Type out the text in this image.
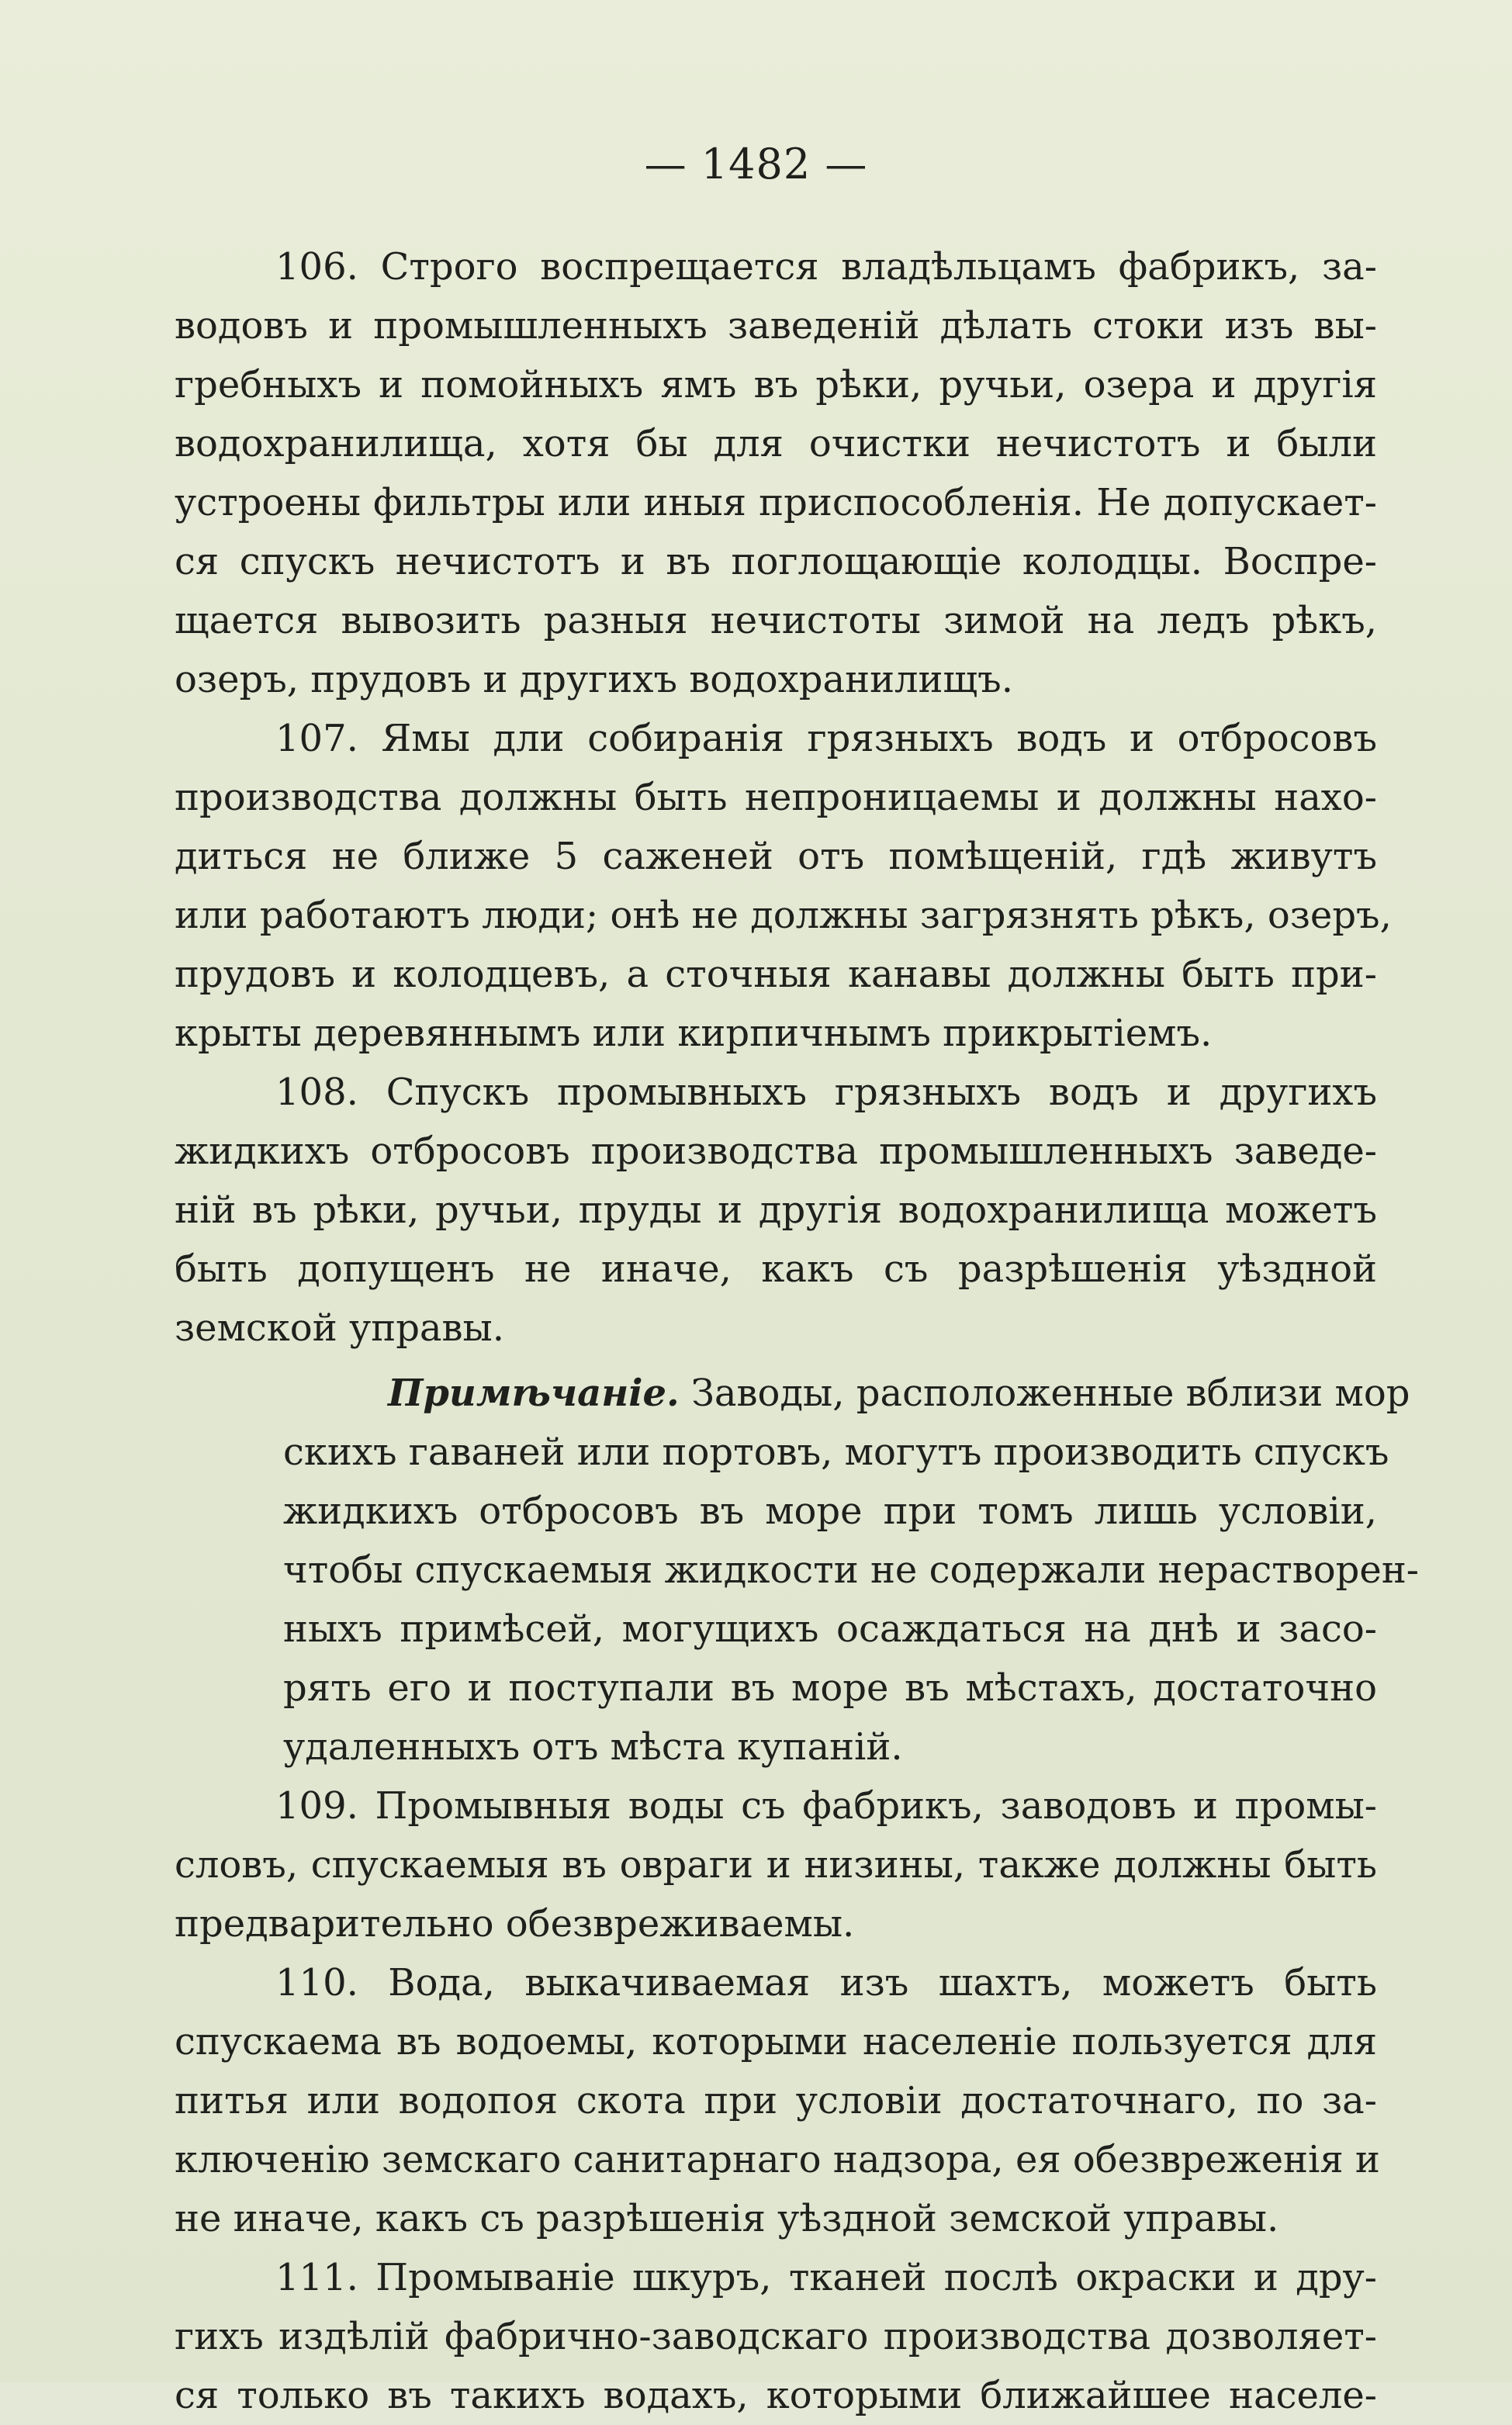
— 1482 —
106. Строго воспрещается владѣльцамъ фабрикъ, за-
водовъ и промышленныхъ заведеній дѣлать стоки изъ вы-
гребныхъ и помойныхъ ямъ въ рѣки, ручьи, озера и другія
водохранилища, хотя бы для очистки нечистотъ и были
устроены фильтры или иныя приспособленія. Не допускает-
ся спускъ нечистотъ и въ поглощающіе колодцы. Воспре-
щается вывозить разныя нечистоты зимой на ледъ рѣкъ,
озеръ, прудовъ и другихъ водохранилищъ.
107. Ямы дли собиранія грязныхъ водъ и отбросовъ
производства должны быть непроницаемы и должны нахо-
диться не ближе 5 саженей отъ помѣщеній, гдѣ живутъ
или работаютъ люди; онѣ не должны загрязнять рѣкъ, озеръ,
прудовъ и колодцевъ, а сточныя канавы должны быть при-
крыты деревяннымъ или кирпичнымъ прикрытіемъ.
108. Спускъ промывныхъ грязныхъ водъ и другихъ
жидкихъ отбросовъ производства промышленныхъ заведе-
ній въ рѣки, ручьи, пруды и другія водохранилища можетъ
быть допущенъ не иначе, какъ съ разрѣшенія уѣздной
земской управы.
Примѣчаніе. Заводы, расположенные вблизи мор
скихъ гаваней или портовъ, могутъ производить спускъ
жидкихъ отбросовъ въ море при томъ лишь условіи,
чтобы спускаемыя жидкости не содержали нерастворен-
ныхъ примѣсей, могущихъ осаждаться на днѣ и засо-
рять его и поступали въ море въ мѣстахъ, достаточно
удаленныхъ отъ мѣста купаній.
109. Промывныя воды съ фабрикъ, заводовъ и промы-
словъ, спускаемыя въ овраги и низины, также должны быть
предварительно обезвреживаемы.
110. Вода, выкачиваемая изъ шахтъ, можетъ быть
спускаема въ водоемы, которыми населеніе пользуется для
питья или водопоя скота при условіи достаточнаго, по за-
ключенію земскаго санитарнаго надзора, ея обезвреженія и
не иначе, какъ съ разрѣшенія уѣздной земской управы.
111. Промываніе шкуръ, тканей послѣ окраски и дру-
гихъ издѣлій фабрично-заводскаго производства дозволяет-
ся только въ такихъ водахъ, которыми ближайшее населе-
